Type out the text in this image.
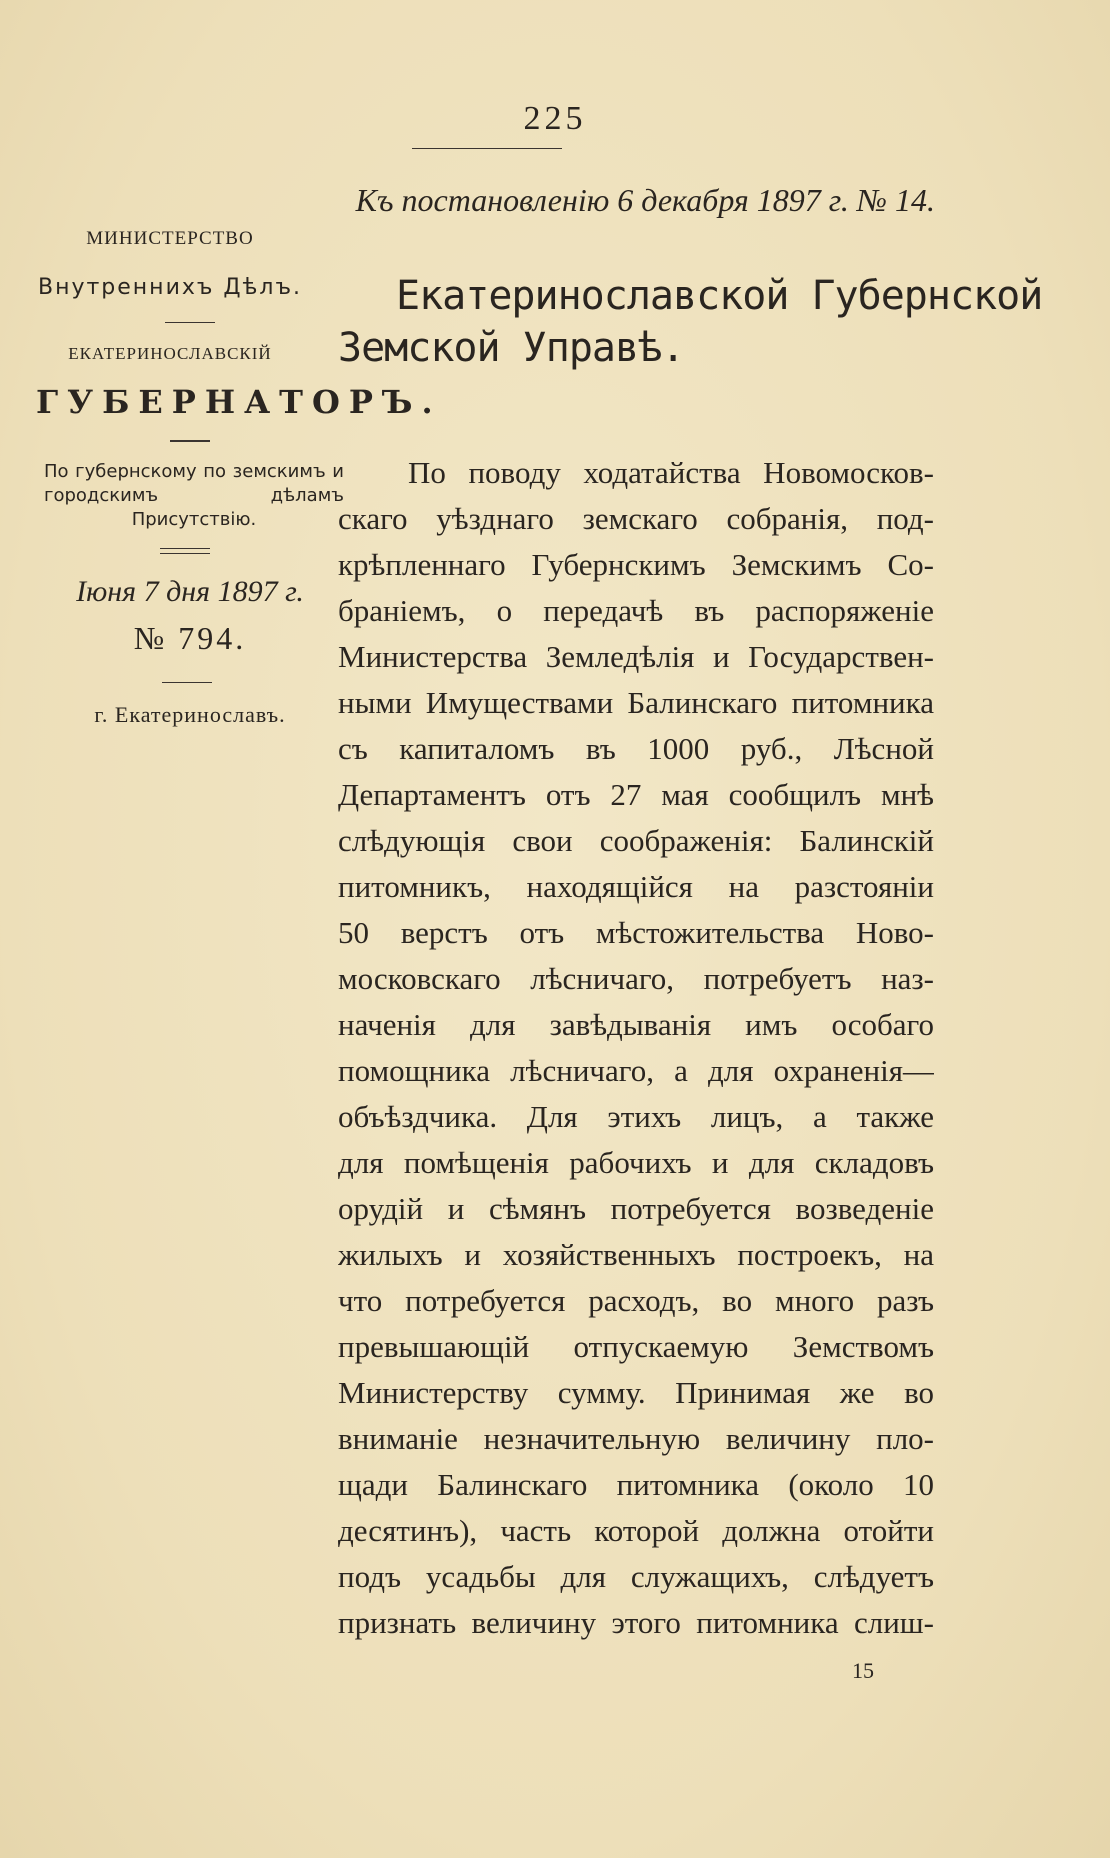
225
Къ постановленію 6 декабря 1897 г. № 14.
МИНИСТЕРСТВО
Внутреннихъ Дѣлъ.
ЕКАТЕРИНОСЛАВСКІЙ
ГУБЕРНАТОРЪ.
По губернскому по земскимъ и городскимъ дѣламъ Присутствію.
Іюня 7 дня 1897 г.
№ 794.
г. Екатеринославъ.
Екатеринославской Губернской
Земской Управѣ.
По поводу ходатайства Новомосков-
скаго уѣзднаго земскаго собранія, под-
крѣпленнаго Губернскимъ Земскимъ Со-
браніемъ, о передачѣ въ распоряженіе
Министерства Земледѣлія и Государствен-
ными Имуществами Балинскаго питомника
съ капиталомъ въ 1000 руб., Лѣсной
Департаментъ отъ 27 мая сообщилъ мнѣ
слѣдующія свои соображенія: Балинскій
питомникъ, находящійся на разстояніи
50 верстъ отъ мѣстожительства Ново-
московскаго лѣсничаго, потребуетъ наз-
наченія для завѣдыванія имъ особаго
помощника лѣсничаго, а для охраненія—
объѣздчика. Для этихъ лицъ, а также
для помѣщенія рабочихъ и для складовъ
орудій и сѣмянъ потребуется возведеніе
жилыхъ и хозяйственныхъ построекъ, на
что потребуется расходъ, во много разъ
превышающій отпускаемую Земствомъ
Министерству сумму. Принимая же во
вниманіе незначительную величину пло-
щади Балинскаго питомника (около 10
десятинъ), часть которой должна отойти
подъ усадьбы для служащихъ, слѣдуетъ
признать величину этого питомника слиш-
15
